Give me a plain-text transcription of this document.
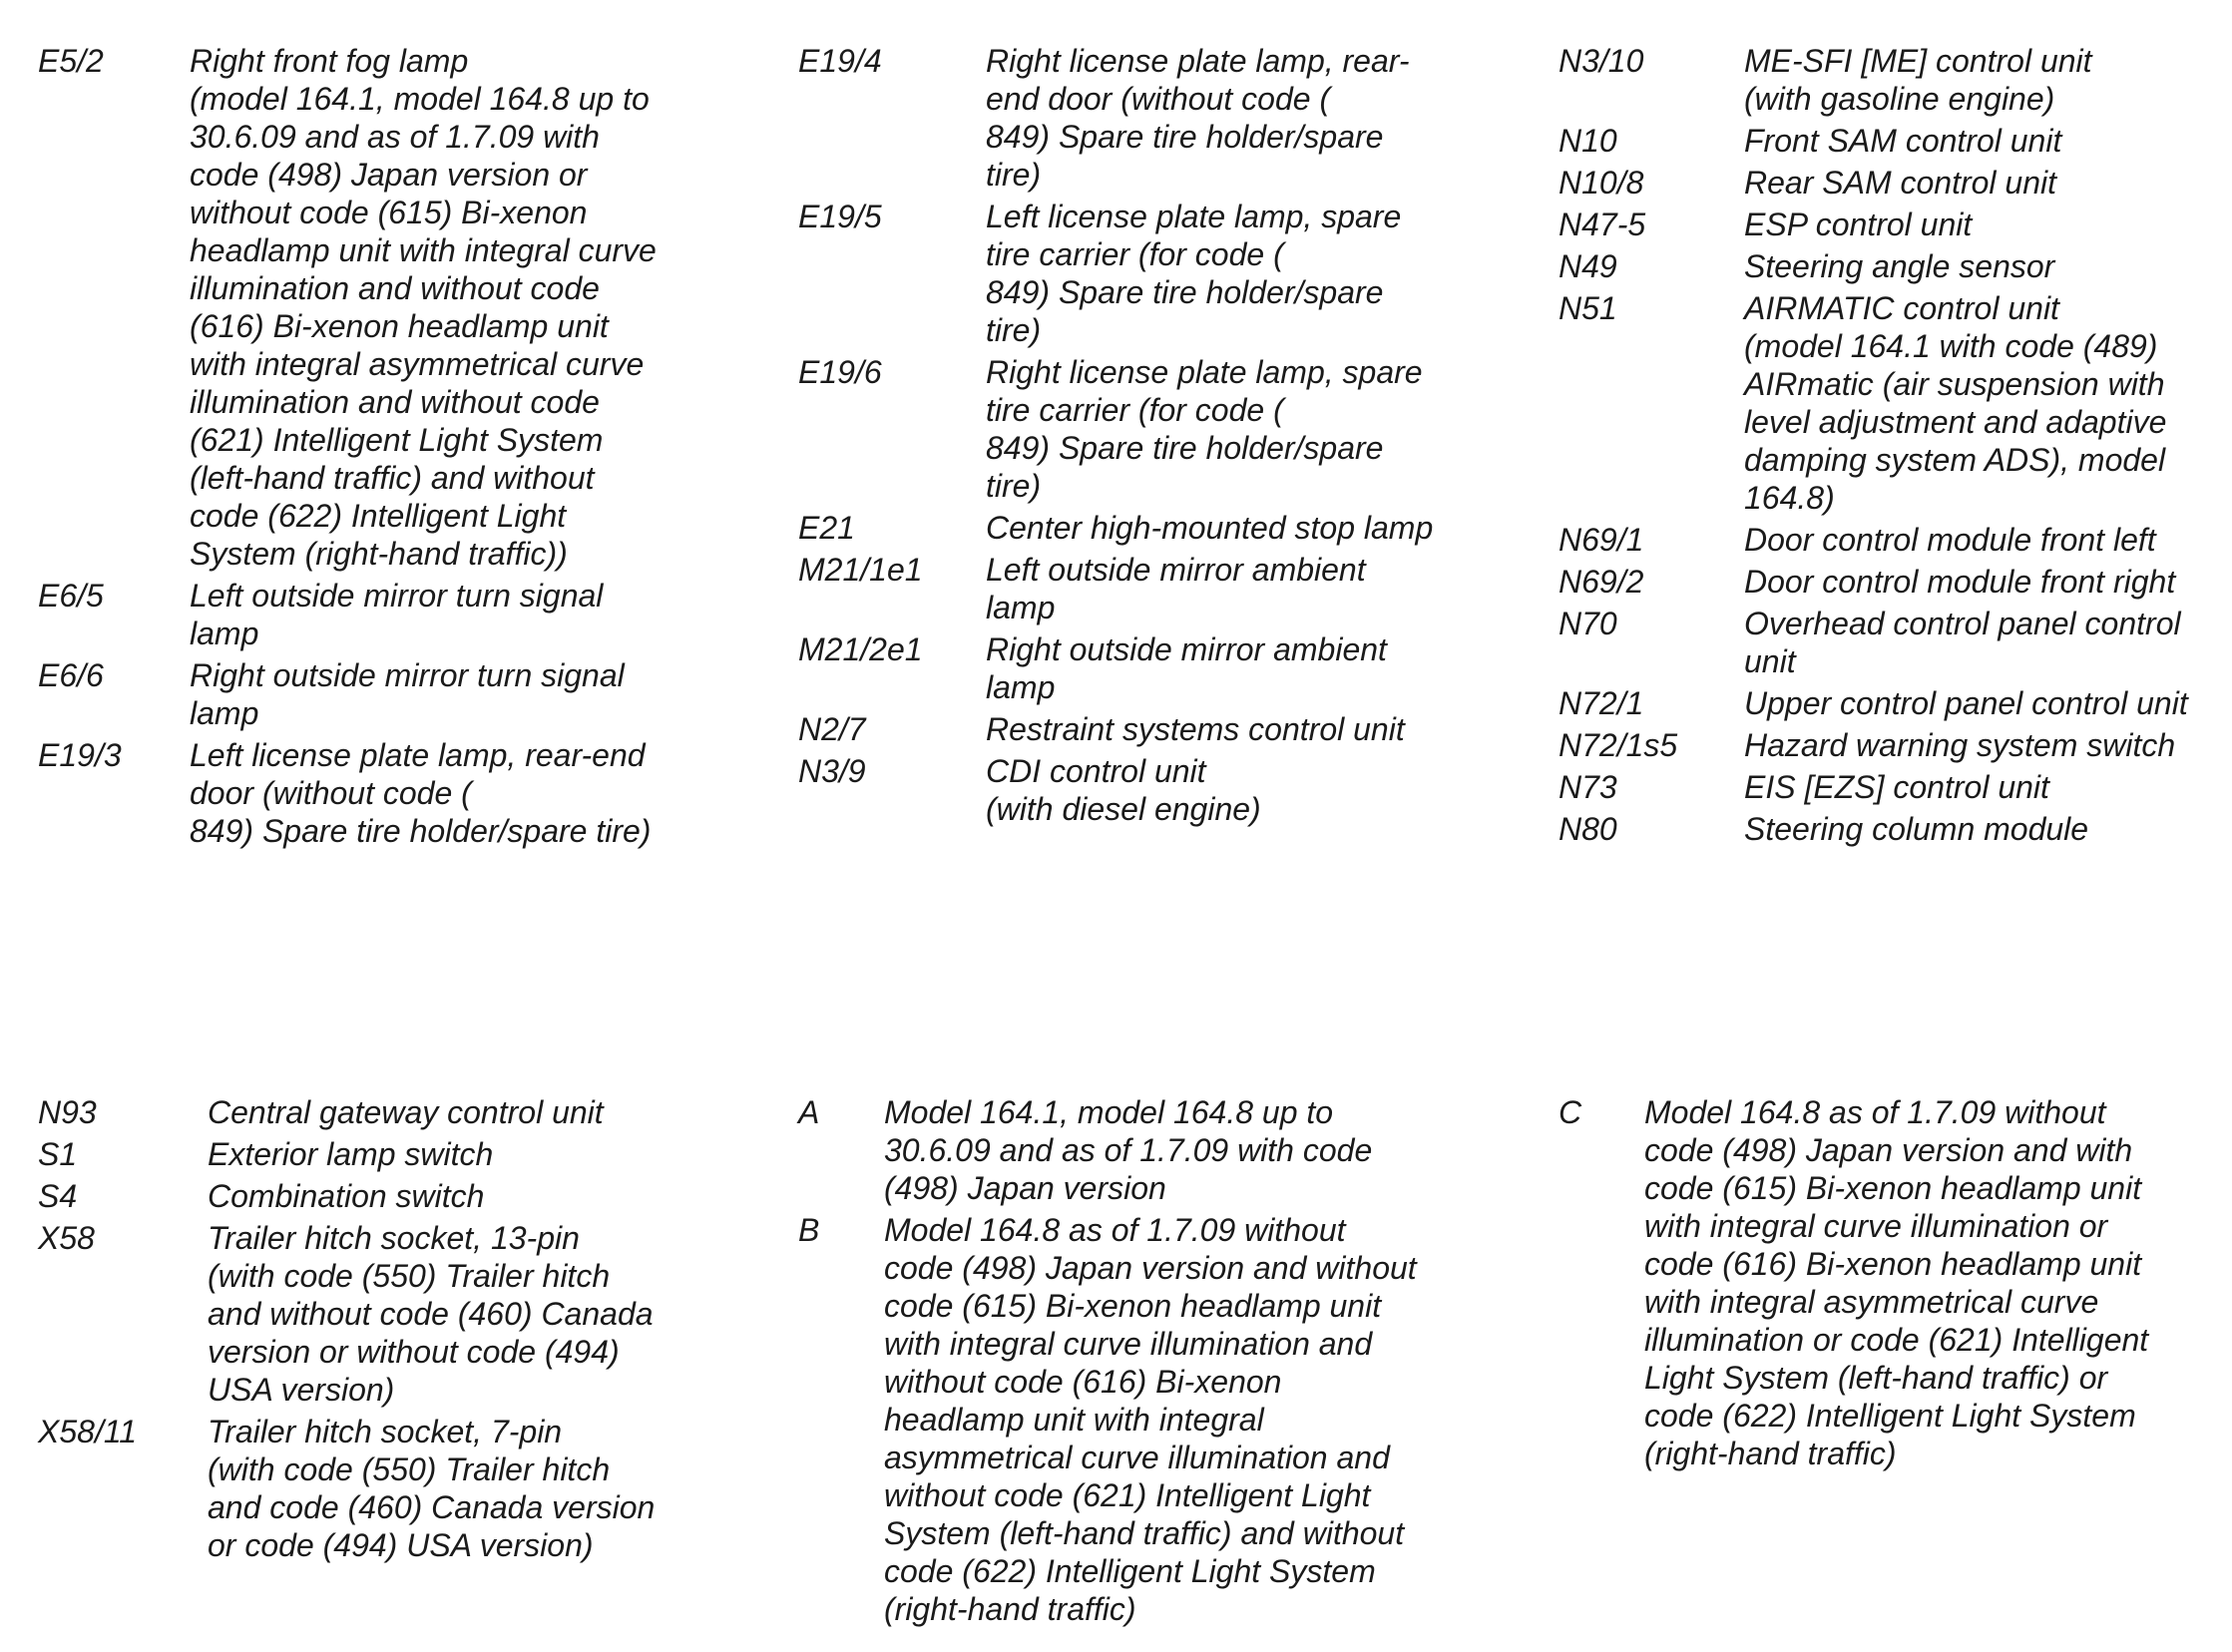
E5/2	Right front fog lamp
(model 164.1, model 164.8 up to
30.6.09 and as of 1.7.09 with
code (498) Japan version or
without code (615) Bi-xenon
headlamp unit with integral curve
illumination and without code
(616) Bi-xenon headlamp unit
with integral asymmetrical curve
illumination and without code
(621) Intelligent Light System
(left-hand traffic) and without
code (622) Intelligent Light
System (right-hand traffic))
E6/5	Left outside mirror turn signal
lamp
E6/6	Right outside mirror turn signal
lamp
E19/3	Left license plate lamp, rear-end
door (without code (
849) Spare tire holder/spare tire)
E19/4	Right license plate lamp, rear-
end door (without code (
849) Spare tire holder/spare
tire)
E19/5	Left license plate lamp, spare
tire carrier (for code (
849) Spare tire holder/spare
tire)
E19/6	Right license plate lamp, spare
tire carrier (for code (
849) Spare tire holder/spare
tire)
E21	Center high-mounted stop lamp
M21/1e1	Left outside mirror ambient
lamp
M21/2e1	Right outside mirror ambient
lamp
N2/7	Restraint systems control unit
N3/9	CDI control unit
(with diesel engine)
N3/10	ME-SFI [ME] control unit
(with gasoline engine)
N10	Front SAM control unit
N10/8	Rear SAM control unit
N47-5	ESP control unit
N49	Steering angle sensor
N51	AIRMATIC control unit
(model 164.1 with code (489)
AIRmatic (air suspension with
level adjustment and adaptive
damping system ADS), model
164.8)
N69/1	Door control module front left
N69/2	Door control module front right
N70	Overhead control panel control
unit
N72/1	Upper control panel control unit
N72/1s5	Hazard warning system switch
N73	EIS [EZS] control unit
N80	Steering column module
N93	Central gateway control unit
S1	Exterior lamp switch
S4	Combination switch
X58	Trailer hitch socket, 13-pin
(with code (550) Trailer hitch
and without code (460) Canada
version or without code (494)
USA version)
X58/11	Trailer hitch socket, 7-pin
(with code (550) Trailer hitch
and code (460) Canada version
or code (494) USA version)
A	Model 164.1, model 164.8 up to
30.6.09 and as of 1.7.09 with code
(498) Japan version
B	Model 164.8 as of 1.7.09 without
code (498) Japan version and without
code (615) Bi-xenon headlamp unit
with integral curve illumination and
without code (616) Bi-xenon
headlamp unit with integral
asymmetrical curve illumination and
without code (621) Intelligent Light
System (left-hand traffic) and without
code (622) Intelligent Light System
(right-hand traffic)
C	Model 164.8 as of 1.7.09 without
code (498) Japan version and with
code (615) Bi-xenon headlamp unit
with integral curve illumination or
code (616) Bi-xenon headlamp unit
with integral asymmetrical curve
illumination or code (621) Intelligent
Light System (left-hand traffic) or
code (622) Intelligent Light System
(right-hand traffic)
